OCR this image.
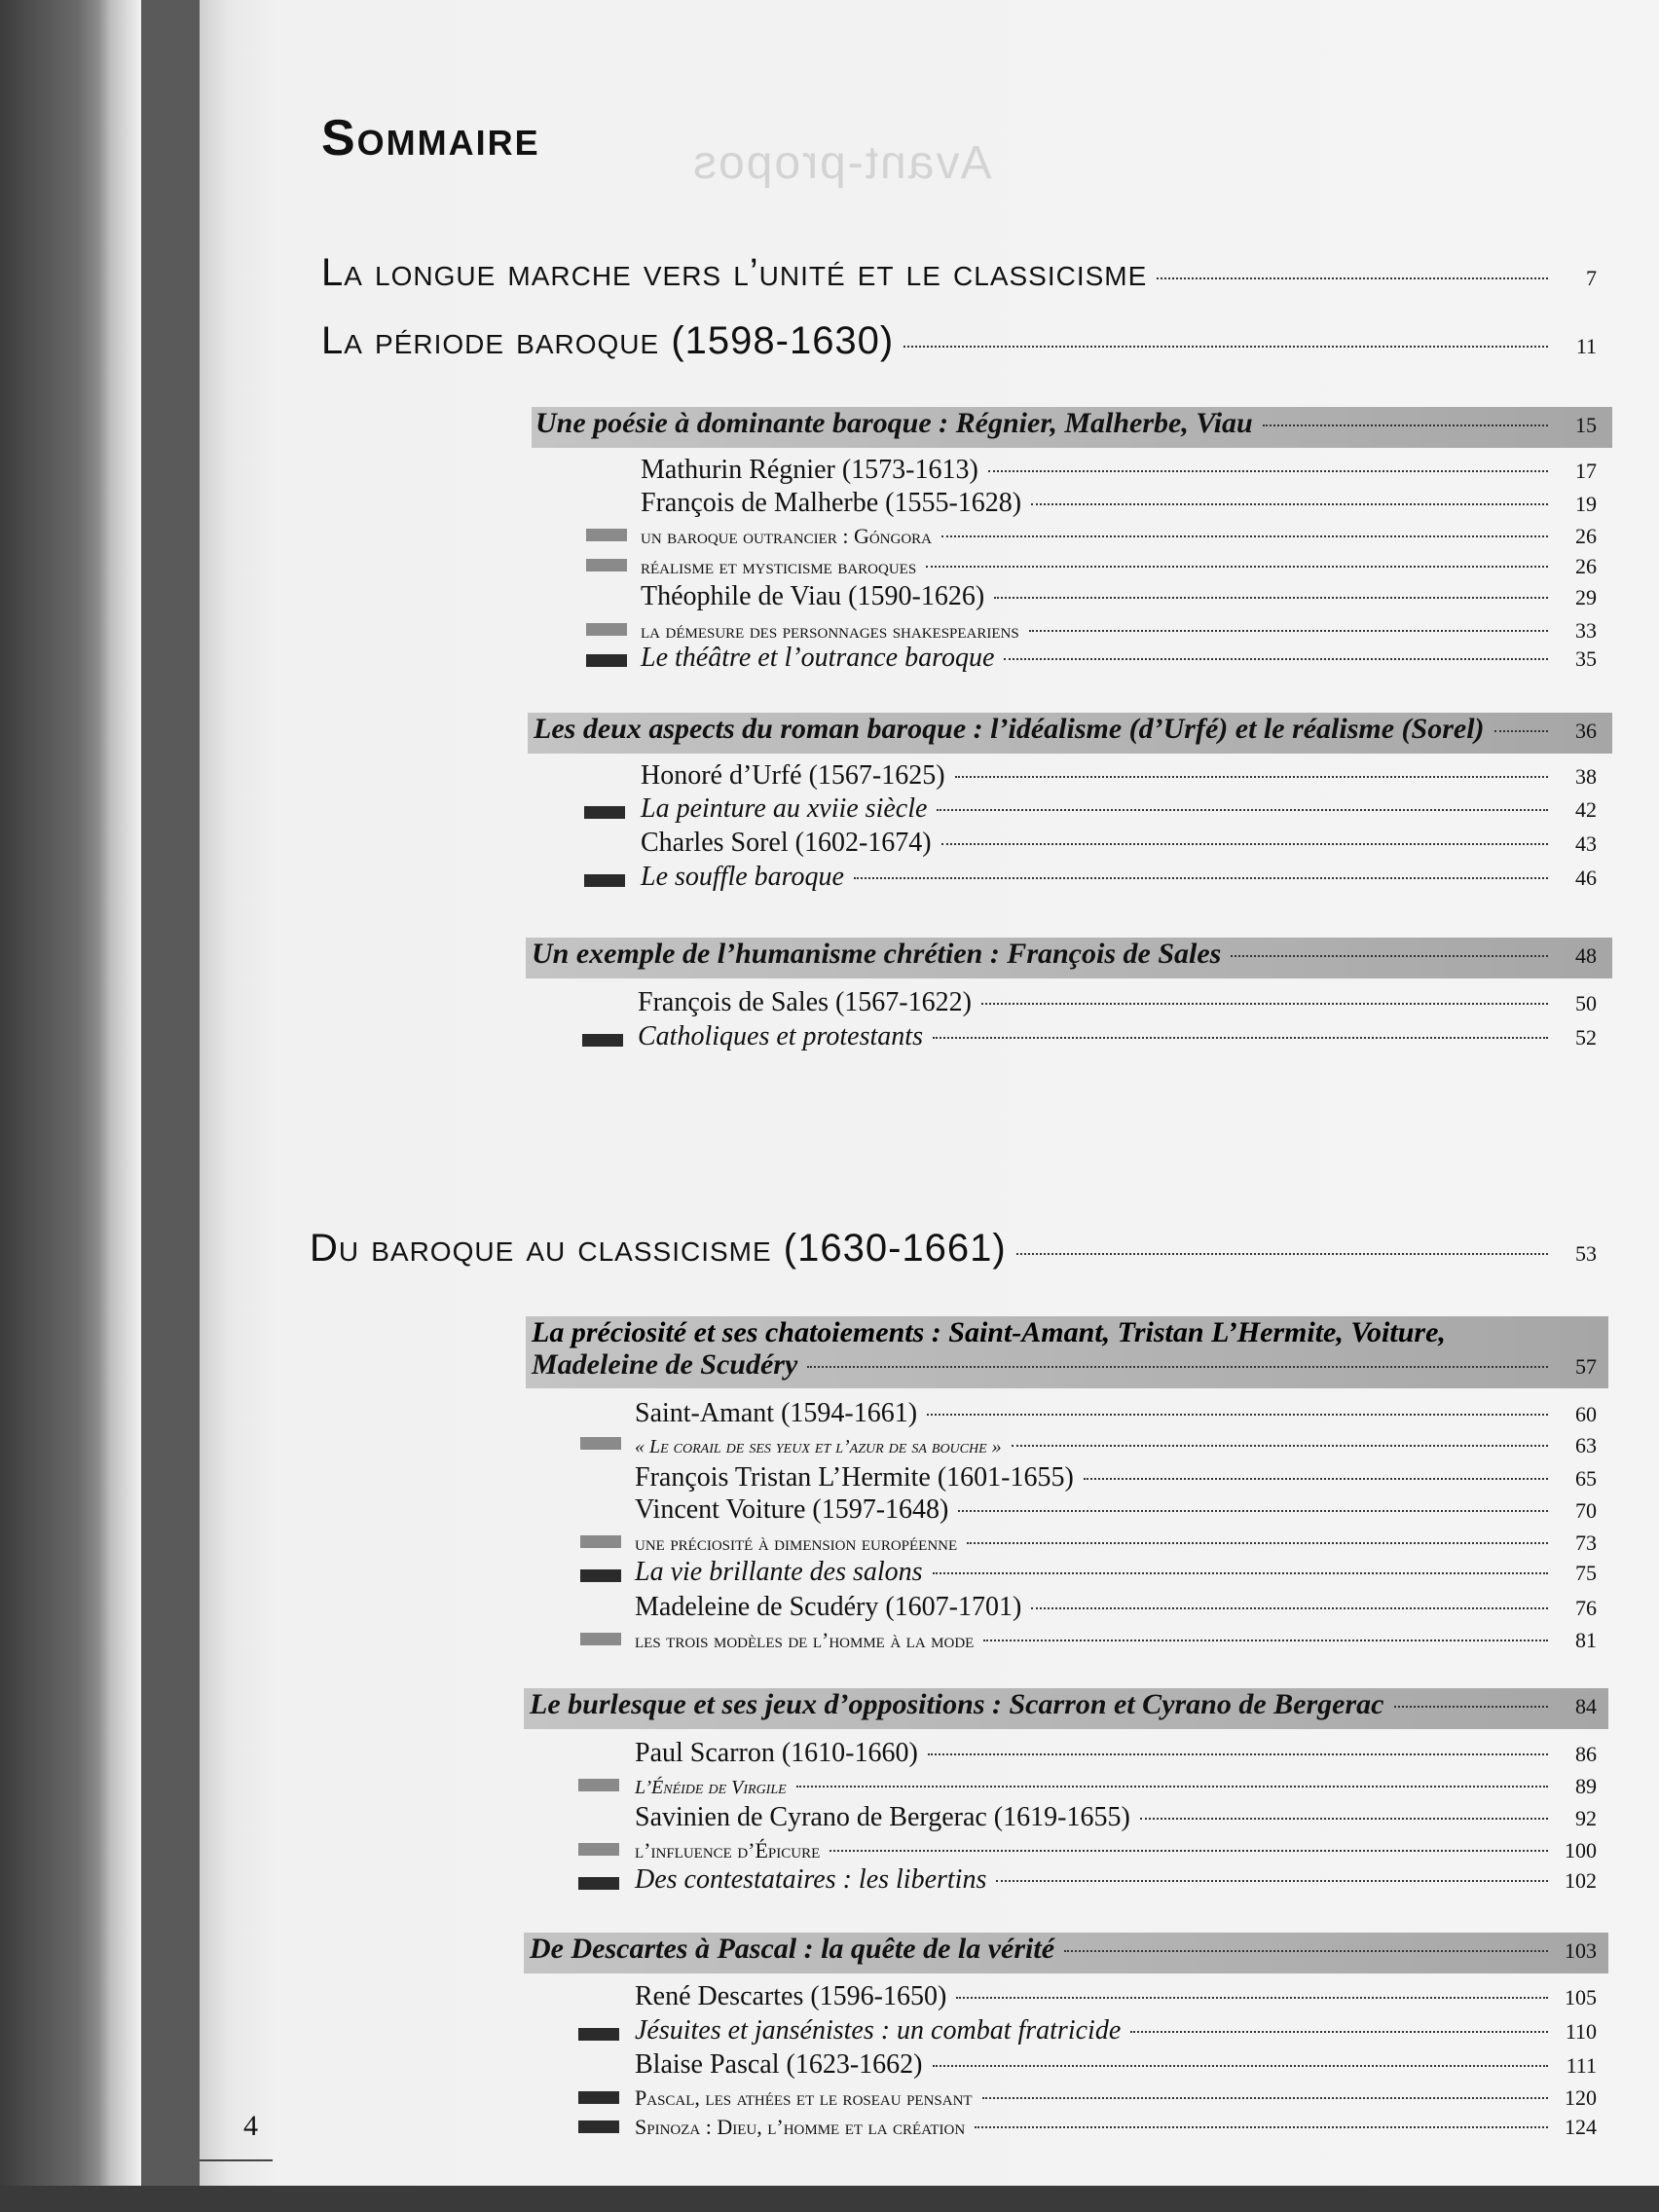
Avant-propos
Sommaire
La longue marche vers l’unité et le classicisme	7
La période baroque (1598-1630)	11
Une poésie à dominante baroque : Régnier, Malherbe, Viau	15
Mathurin Régnier (1573-1613)	17
François de Malherbe (1555-1628)	19
un baroque outrancier : Góngora	26
réalisme et mysticisme baroques	26
Théophile de Viau (1590-1626)	29
la démesure des personnages shakespeariens	33
Le théâtre et l’outrance baroque	35
Les deux aspects du roman baroque : l’idéalisme (d’Urfé) et le réalisme (Sorel)	36
Honoré d’Urfé (1567-1625)	38
La peinture au xviie siècle	42
Charles Sorel (1602-1674)	43
Le souffle baroque	46
Un exemple de l’humanisme chrétien : François de Sales	48
François de Sales (1567-1622)	50
Catholiques et protestants	52
Du baroque au classicisme (1630-1661)	53
La préciosité et ses chatoiements : Saint-Amant, Tristan L’Hermite, Voiture,
Madeleine de Scudéry	57
Saint-Amant (1594-1661)	60
« Le corail de ses yeux et l’azur de sa bouche »	63
François Tristan L’Hermite (1601-1655)	65
Vincent Voiture (1597-1648)	70
une préciosité à dimension européenne	73
La vie brillante des salons	75
Madeleine de Scudéry (1607-1701)	76
les trois modèles de l’homme à la mode	81
Le burlesque et ses jeux d’oppositions : Scarron et Cyrano de Bergerac	84
Paul Scarron (1610-1660)	86
L’Énéide de Virgile	89
Savinien de Cyrano de Bergerac (1619-1655)	92
l’influence d’Épicure	100
Des contestataires : les libertins	102
De Descartes à Pascal : la quête de la vérité	103
René Descartes (1596-1650)	105
Jésuites et jansénistes : un combat fratricide	110
Blaise Pascal (1623-1662)	111
Pascal, les athées et le roseau pensant	120
Spinoza : Dieu, l’homme et la création	124
4
